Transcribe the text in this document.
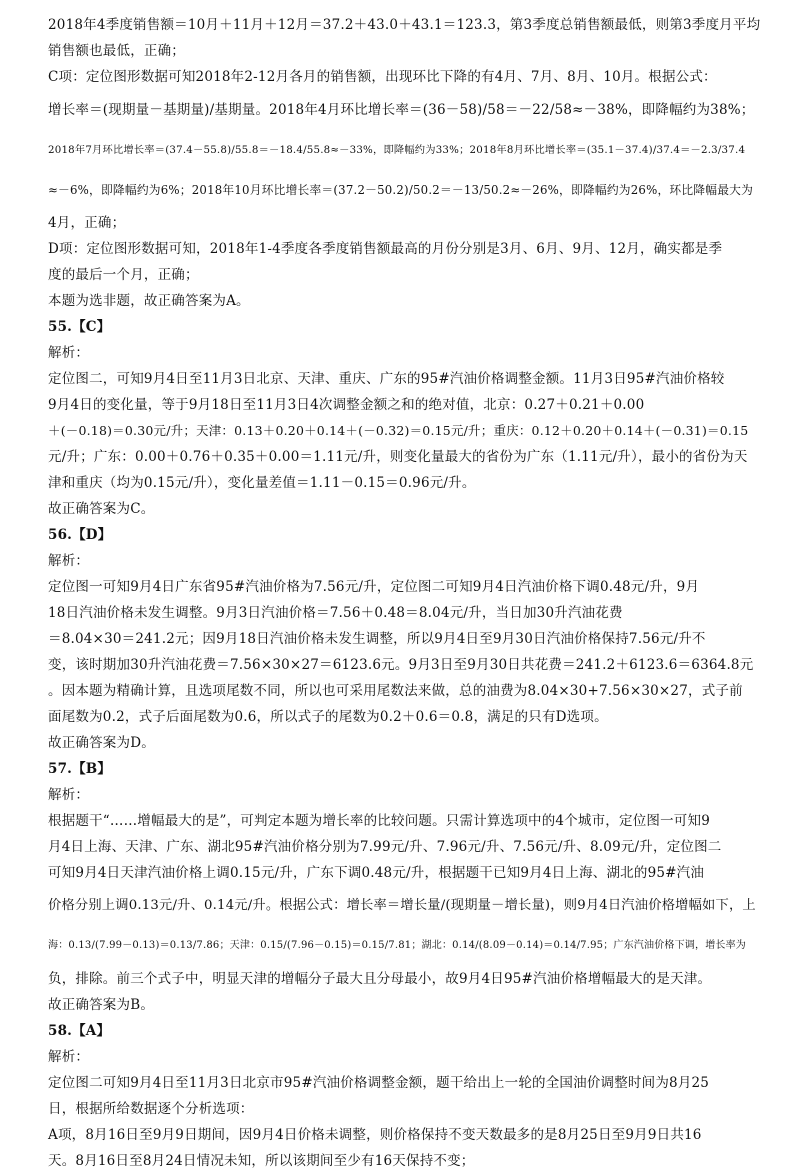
2018年4季度销售额＝10月＋11月＋12月＝37.2＋43.0＋43.1＝123.3，第3季度总销售额最低，则第3季度月平均
销售额也最低，正确；
C项：定位图形数据可知2018年2-12月各月的销售额，出现环比下降的有4月、7月、8月、10月。根据公式：
增长率＝(现期量－基期量)/基期量。2018年4月环比增长率＝(36－58)/58＝－22/58≈－38%，即降幅约为38%；
2018年7月环比增长率＝(37.4－55.8)/55.8＝－18.4/55.8≈－33%，即降幅约为33%；2018年8月环比增长率＝(35.1－37.4)/37.4＝－2.3/37.4
≈－6%，即降幅约为6%；2018年10月环比增长率＝(37.2－50.2)/50.2＝－13/50.2≈－26%，即降幅约为26%，环比降幅最大为
4月，正确；
D项：定位图形数据可知，2018年1-4季度各季度销售额最高的月份分别是3月、6月、9月、12月，确实都是季
度的最后一个月，正确；
本题为选非题，故正确答案为A。
55.【C】
解析：
定位图二，可知9月4日至11月3日北京、天津、重庆、广东的95#汽油价格调整金额。11月3日95#汽油价格较
9月4日的变化量，等于9月18日至11月3日4次调整金额之和的绝对值，北京：0.27＋0.21＋0.00
＋(－0.18)＝0.30元/升；天津：0.13＋0.20＋0.14＋(－0.32)＝0.15元/升；重庆：0.12＋0.20＋0.14＋(－0.31)＝0.15
元/升；广东：0.00＋0.76＋0.35＋0.00＝1.11元/升，则变化量最大的省份为广东（1.11元/升），最小的省份为天
津和重庆（均为0.15元/升），变化量差值＝1.11－0.15＝0.96元/升。
故正确答案为C。
56.【D】
解析：
定位图一可知9月4日广东省95#汽油价格为7.56元/升，定位图二可知9月4日汽油价格下调0.48元/升，9月
18日汽油价格未发生调整。9月3日汽油价格＝7.56＋0.48＝8.04元/升，当日加30升汽油花费
＝8.04×30＝241.2元；因9月18日汽油价格未发生调整，所以9月4日至9月30日汽油价格保持7.56元/升不
变，该时期加30升汽油花费＝7.56×30×27＝6123.6元。9月3日至9月30日共花费＝241.2＋6123.6＝6364.8元
。因本题为精确计算，且选项尾数不同，所以也可采用尾数法来做，总的油费为8.04×30+7.56×30×27，式子前
面尾数为0.2，式子后面尾数为0.6，所以式子的尾数为0.2＋0.6＝0.8，满足的只有D选项。
故正确答案为D。
57.【B】
解析：
根据题干“……增幅最大的是”，可判定本题为增长率的比较问题。只需计算选项中的4个城市，定位图一可知9
月4日上海、天津、广东、湖北95#汽油价格分别为7.99元/升、7.96元/升、7.56元/升、8.09元/升，定位图二
可知9月4日天津汽油价格上调0.15元/升，广东下调0.48元/升，根据题干已知9月4日上海、湖北的95#汽油
价格分别上调0.13元/升、0.14元/升。根据公式：增长率＝增长量/(现期量－增长量)，则9月4日汽油价格增幅如下，上
海：0.13/(7.99－0.13)＝0.13/7.86；天津：0.15/(7.96－0.15)＝0.15/7.81；湖北：0.14/(8.09－0.14)＝0.14/7.95；广东汽油价格下调，增长率为
负，排除。前三个式子中，明显天津的增幅分子最大且分母最小，故9月4日95#汽油价格增幅最大的是天津。
故正确答案为B。
58.【A】
解析：
定位图二可知9月4日至11月3日北京市95#汽油价格调整金额，题干给出上一轮的全国油价调整时间为8月25
日，根据所给数据逐个分析选项：
A项，8月16日至9月9日期间，因9月4日价格未调整，则价格保持不变天数最多的是8月25日至9月9日共16
天。8月16日至8月24日情况未知，所以该期间至少有16天保持不变；
